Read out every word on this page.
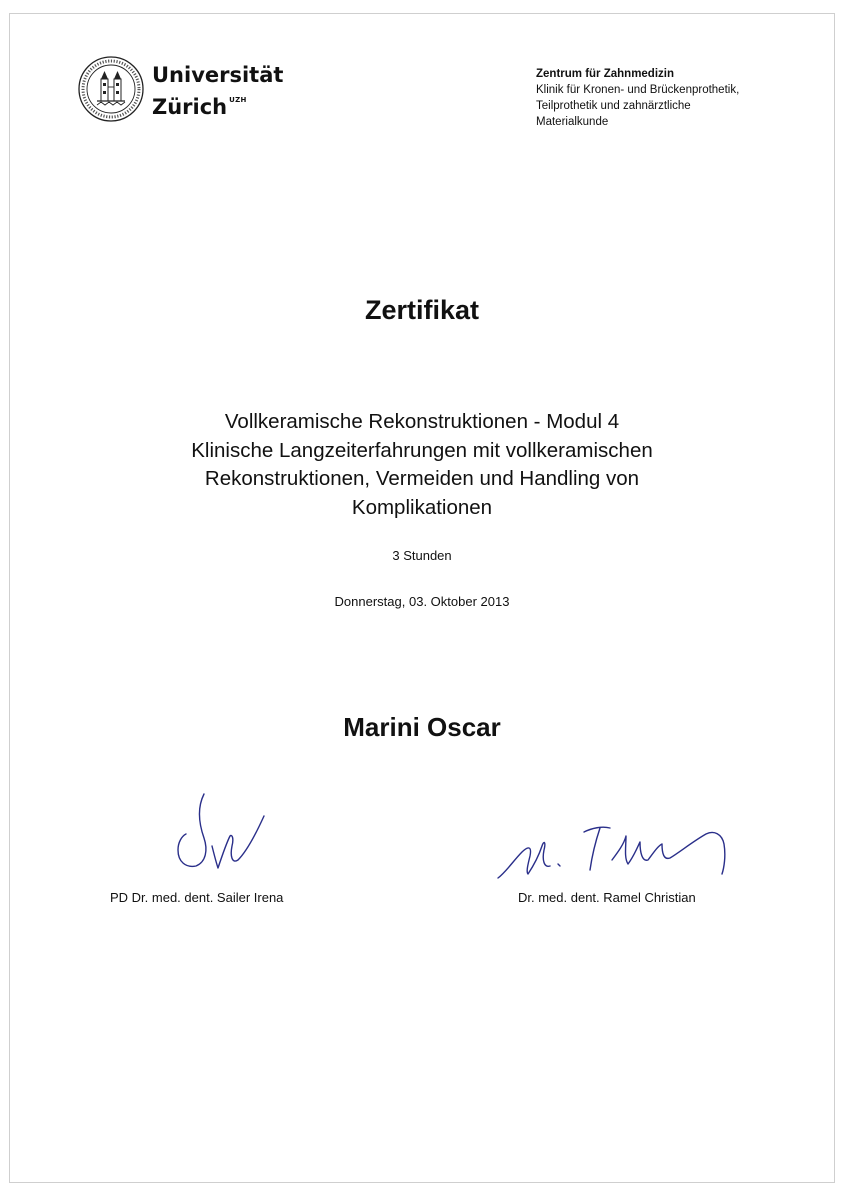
Universität
Zürich $^{UZH}$
Zentrum für Zahnmedizin
Klinik für Kronen- und Brückenprothetik,
Teilprothetik und zahnärztliche
Materialkunde
Zertifikat
Vollkeramische Rekonstruktionen - Modul 4
Klinische Langzeiterfahrungen mit vollkeramischen
Rekonstruktionen, Vermeiden und Handling von
Komplikationen
3 Stunden
Donnerstag, 03. Oktober 2013
Marini Oscar
PD Dr. med. dent. Sailer Irena	Dr. med. dent. Ramel Christian
